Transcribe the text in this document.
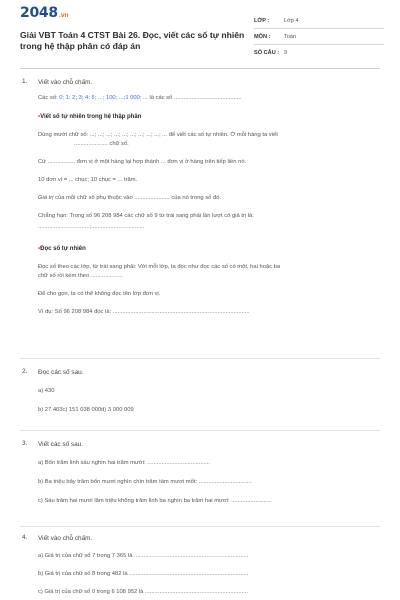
2048.vn
Giải VBT Toán 4 CTST Bài 26. Đọc, viết các số tự nhiên trong hệ thập phân có đáp án
LỚP :	Lớp 4
MÔN :	Toán
SỐ CÂU : 9
1. Viết vào chỗ chấm.
Các số: 0; 1; 2; 3; 4; 5; ...; 100; ...;1 000; ... là các số ..........................................
•Viết số tự nhiên trong hệ thập phân
Dùng mười chữ số: ...; ...; ...; ...; ...; ...; ...; ...; ...; ... để viết các số tự nhiên. Ở mỗi hàng ta viết
..................... chữ số.
Cứ ................. đơn vị ở một hàng lại hợp thành ... đơn vị ở hàng trên tiếp liền nó.
10 đơn vị = ... chục; 10 chục = ... trăm.
Giá trị của mỗi chữ số phụ thuộc vào ...................... của nó trong số đó.
Chẳng hạn: Trong số 96 208 984 các chữ số 9 từ trái sang phải lần lượt có giá trị là:
................................;.................................
•Đọc số tự nhiên
Đọc số theo các lớp, từ trái sang phải: Với mỗi lớp, ta đọc như đọc các số có một, hai hoặc ba
chữ số rồi kèm theo ....................
Để cho gọn, ta có thể không đọc tên lớp đơn vị.
Ví dụ: Số 96 208 984 đọc là: .....................................................................................
2. Đọc các số sau.
a) 430
b) 27 403c) 151 038 000d) 3 000 009
3. Viết các số sau.
a) Bốn trăm linh sáu nghìn hai trăm mười: .......................................
b) Ba triệu bảy trăm bốn mươi nghìn chín trăm tám mươi mốt: .................................
c) Sáu trăm hai mươi lăm triệu không trăm linh ba nghìn ba trăm hai mươi: .........................
4. Viết vào chỗ chấm.
a) Giá trị của chữ số 7 trong 7 365 là .......................................................................
b) Giá trị của chữ số 8 trong 482 là ..........................................................................
c) Giá trị của chữ số 0 trong 6 108 952 là ................................................................
